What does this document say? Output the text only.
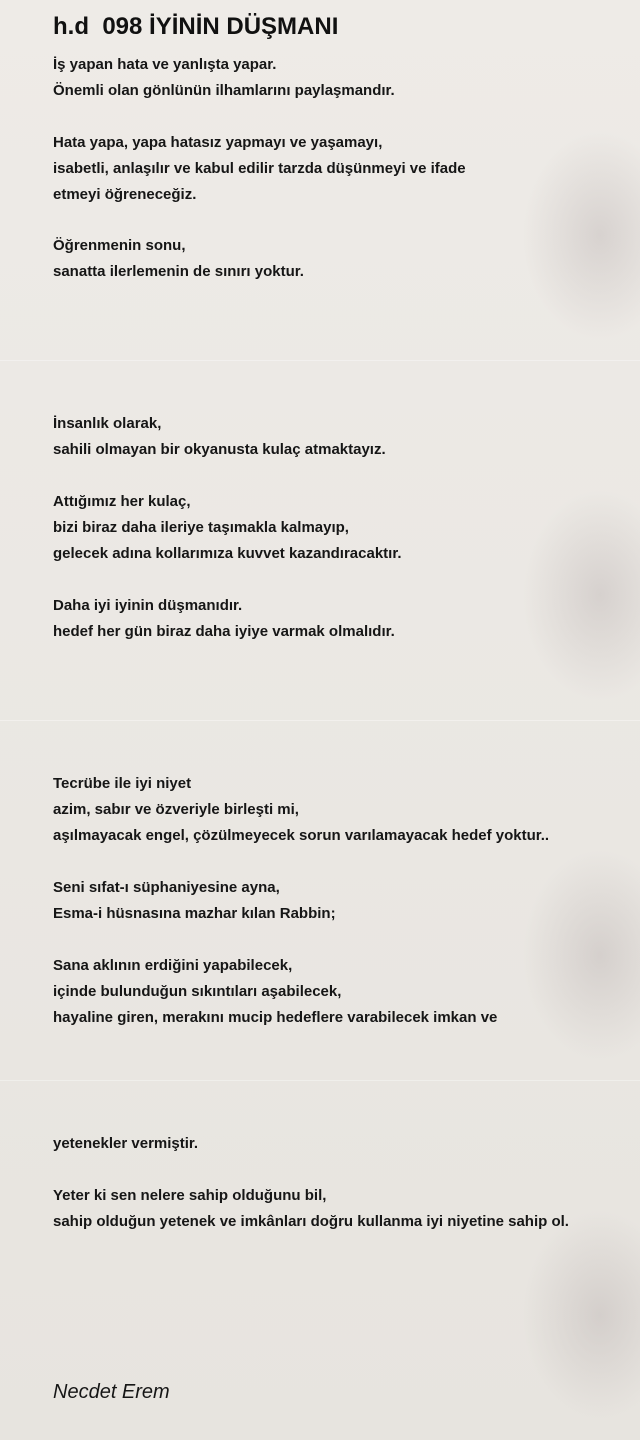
h.d  098 İYİNİN DÜŞMANI
İş yapan hata ve yanlışta yapar.
Önemli olan gönlünün ilhamlarını paylaşmandır.
Hata yapa, yapa hatasız yapmayı ve yaşamayı,
isabetli, anlaşılır ve kabul edilir tarzda düşünmeyi ve ifade
etmeyi öğreneceğiz.
Öğrenmenin sonu,
sanatta ilerlemenin de sınırı yoktur.
İnsanlık olarak,
sahili olmayan bir okyanusta kulaç atmaktayız.
Attığımız her kulaç,
bizi biraz daha ileriye taşımakla kalmayıp,
gelecek adına kollarımıza kuvvet kazandıracaktır.
Daha iyi iyinin düşmanıdır.
hedef her gün biraz daha iyiye varmak olmalıdır.
Tecrübe ile iyi niyet
azim, sabır ve özveriyle birleşti mi,
aşılmayacak engel, çözülmeyecek sorun varılamayacak hedef yoktur..
Seni sıfat-ı süphaniyesine ayna,
Esma-i hüsnasına mazhar kılan Rabbin;
Sana aklının erdiğini yapabilecek,
içinde bulunduğun sıkıntıları aşabilecek,
hayaline giren, merakını mucip hedeflere varabilecek imkan ve
yetenekler vermiştir.
Yeter ki sen nelere sahip olduğunu bil,
sahip olduğun yetenek ve imkânları doğru kullanma iyi niyetine sahip ol.
Necdet Erem
